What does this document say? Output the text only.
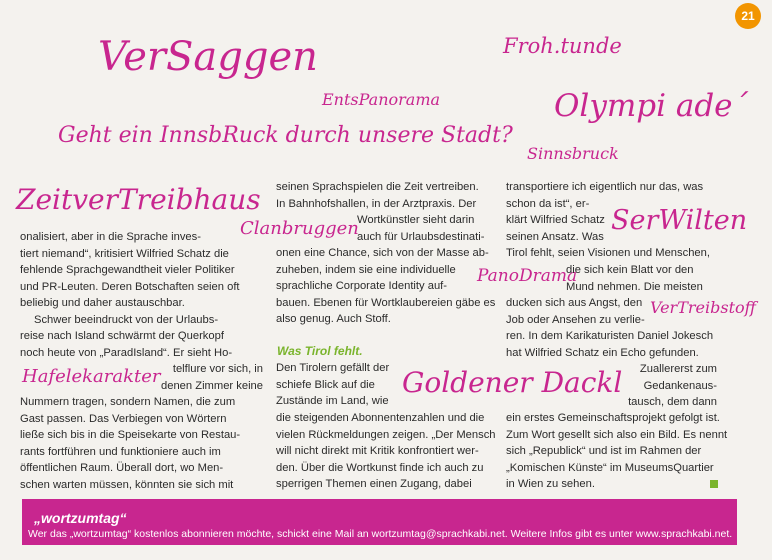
21
VerSaggen	Froh.tunde
EntsPanorama	Olympi ade´
Geht ein InnsbRuck durch unsere Stadt?
Sinnsbruck
ZeitverTreibhaus
Clanbruggen	SerWilten
PanoDrama
VerTreibstoff
Hafelekarakter	Goldener Dackl

onalisiert, aber in die Sprache inves-
tiert niemand“, kritisiert Wilfried Schatz die
fehlende Sprachgewandtheit vieler Politiker
und PR-Leuten. Deren Botschaften seien oft
beliebig und daher austauschbar.

Schwer beeindruckt von der Urlaubs-

reise nach Island schwärmt der Querkopf
noch heute von „ParadIsland“. Er sieht Ho-

telflure vor sich, in
denen Zimmer keine

Nummern tragen, sondern Namen, die zum
Gast passen. Das Verbiegen von Wörtern
ließe sich bis in die Speisekarte von Restau-
rants fortführen und funktioniere auch im
öffentlichen Raum. Überall dort, wo Men-
schen warten müssen, könnten sie sich mit

seinen Sprachspielen die Zeit vertreiben.
In Bahnhofshallen, in der Arztpraxis. Der

Wortkünstler sieht darin
auch für Urlaubsdestinati-

onen eine Chance, sich von der Masse ab-
zuheben, indem sie eine individuelle
sprachliche Corporate Identity auf-
bauen. Ebenen für Wortklaubereien gäbe es
also genug. Auch Stoff.

Was Tirol fehlt.

Den Tirolern gefällt der
schiefe Blick auf die
Zustände im Land, wie

die steigenden Abonnentenzahlen und die
vielen Rückmeldungen zeigen. „Der Mensch
will nicht direkt mit Kritik konfrontiert wer-
den. Über die Wortkunst finde ich auch zu
sperrigen Themen einen Zugang, dabei

transportiere ich eigentlich nur das, was
schon da ist“, er-
klärt Wilfried Schatz
seinen Ansatz. Was
Tirol fehlt, seien Visionen und Menschen,

die sich kein Blatt vor den
Mund nehmen. Die meisten

ducken sich aus Angst, den
Job oder Ansehen zu verlie-

ren. In dem Karikaturisten Daniel Jokesch
hat Wilfried Schatz ein Echo gefunden.

Zuallererst zum
Gedankenaus-
tausch, dem dann

ein erstes Gemeinschaftsprojekt gefolgt ist.
Zum Wort gesellt sich also ein Bild. Es nennt
sich „Republick“ und ist im Rahmen der
„Komischen Künste“ im MuseumsQuartier
in Wien zu sehen.

„wortzumtag“
Wer das „wortzumtag“ kostenlos abonnieren möchte, schickt eine Mail an wortzumtag@sprachkabi.net. Weitere Infos gibt es unter www.sprachkabi.net.
